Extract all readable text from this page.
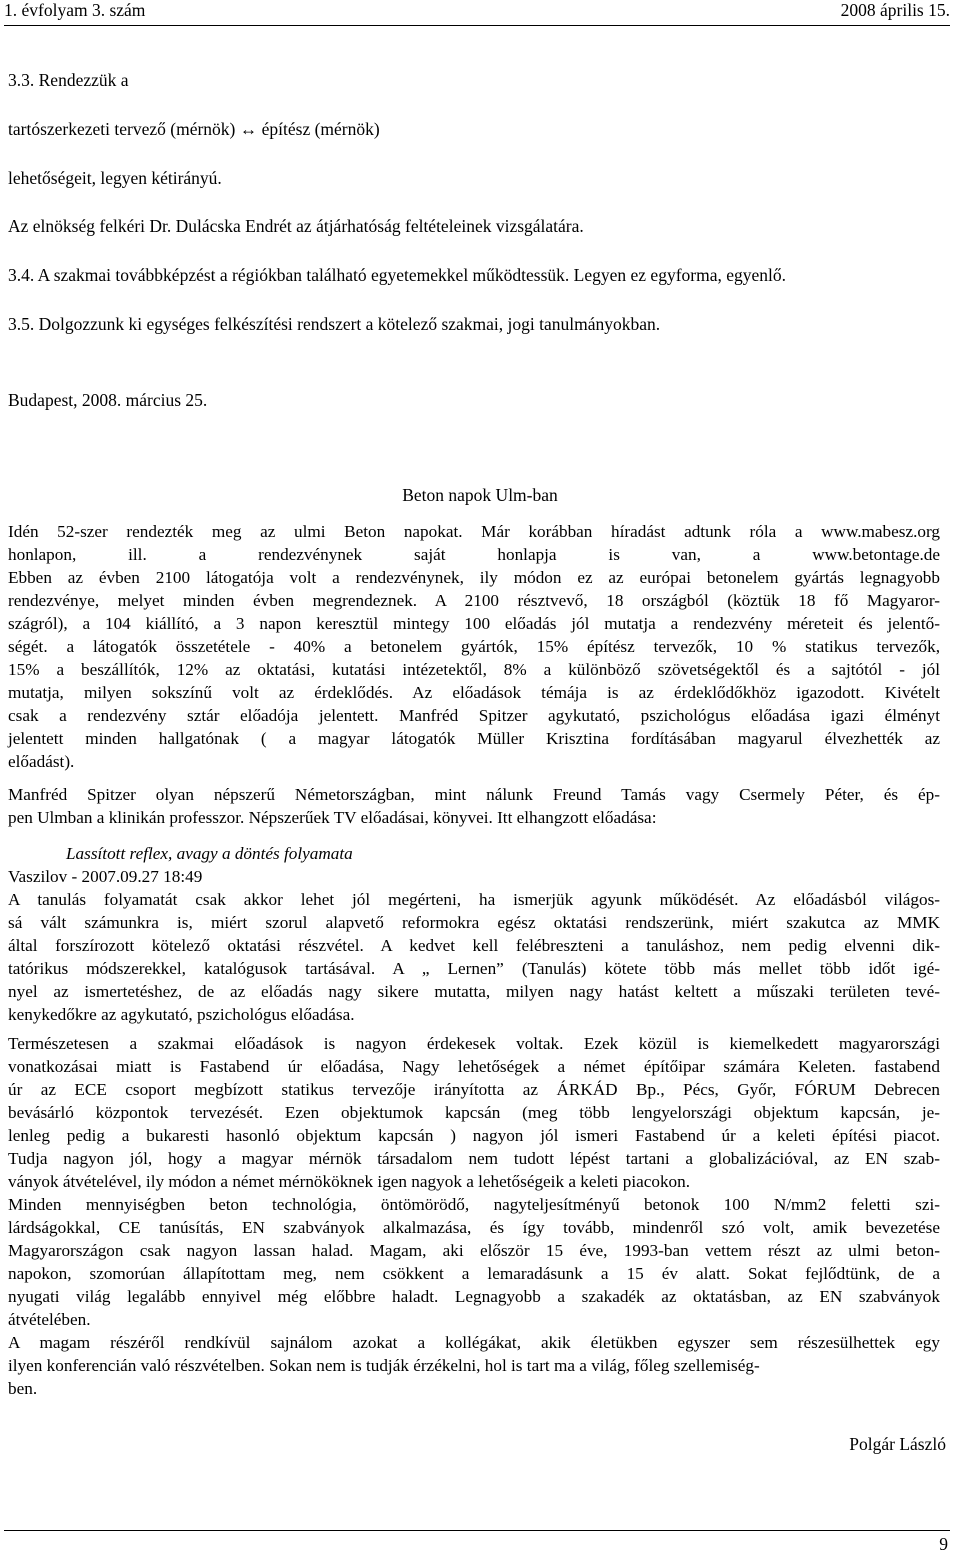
1. évfolyam 3. szám	2008 április 15.
3.3. Rendezzük a
tartószerkezeti tervező (mérnök) ↔ építész (mérnök)
lehetőségeit, legyen kétirányú.
Az elnökség felkéri Dr. Dulácska Endrét az átjárhatóság feltételeinek vizsgálatára.
3.4. A szakmai továbbképzést a régiókban található egyetemekkel működtessük. Legyen ez egyforma, egyenlő.
3.5. Dolgozzunk ki egységes felkészítési rendszert a kötelező szakmai, jogi tanulmányokban.
Budapest, 2008. március 25.
Beton napok Ulm-ban
Idén 52-szer rendezték meg az ulmi Beton napokat. Már korábban híradást adtunk róla a www.mabesz.org
honlapon, ill. a rendezvénynek saját honlapja is van, a www.betontage.de
Ebben az évben 2100 látogatója volt a rendezvénynek, ily módon ez az európai betonelem gyártás legnagyobb
rendezvénye, melyet minden évben megrendeznek. A 2100 résztvevő, 18 országból (köztük 18 fő Magyaror-
szágról), a 104 kiállító, a 3 napon keresztül mintegy 100 előadás jól mutatja a rendezvény méreteit és jelentő-
ségét. a látogatók összetétele - 40% a betonelem gyártók, 15% építész tervezők, 10 % statikus tervezők,
15% a beszállítók, 12% az oktatási, kutatási intézetektől, 8% a különböző szövetségektől és a sajtótól - jól
mutatja, milyen sokszínű volt az érdeklődés. Az előadások témája is az érdeklődőkhöz igazodott. Kivételt
csak a rendezvény sztár előadója jelentett. Manfréd Spitzer agykutató, pszichológus előadása igazi élményt
jelentett minden hallgatónak ( a magyar látogatók Müller Krisztina fordításában magyarul élvezhették az
előadást).
Manfréd Spitzer olyan népszerű Németországban, mint nálunk Freund Tamás vagy Csermely Péter, és ép-
pen Ulmban a klinikán professzor. Népszerűek TV előadásai, könyvei. Itt elhangzott előadása:
Lassított reflex, avagy a döntés folyamata
Vaszilov - 2007.09.27 18:49
A tanulás folyamatát csak akkor lehet jól megérteni, ha ismerjük agyunk működését. Az előadásból világos-
sá vált számunkra is, miért szorul alapvető reformokra egész oktatási rendszerünk, miért szakutca az MMK
által forszírozott kötelező oktatási részvétel. A kedvet kell felébreszteni a tanuláshoz, nem pedig elvenni dik-
tatórikus módszerekkel, katalógusok tartásával. A „ Lernen” (Tanulás) kötete több más mellet több időt igé-
nyel az ismertetéshez, de az előadás nagy sikere mutatta, milyen nagy hatást keltett a műszaki területen tevé-
kenykedőkre az agykutató, pszichológus előadása.
Természetesen a szakmai előadások is nagyon érdekesek voltak. Ezek közül is kiemelkedett magyarországi
vonatkozásai miatt is Fastabend úr előadása, Nagy lehetőségek a német építőipar számára Keleten. fastabend
úr az ECE csoport megbízott statikus tervezője irányította az ÁRKÁD Bp., Pécs, Győr, FÓRUM Debrecen
bevásárló központok tervezését. Ezen objektumok kapcsán (meg több lengyelországi objektum kapcsán, je-
lenleg pedig a bukaresti hasonló objektum kapcsán ) nagyon jól ismeri Fastabend úr a keleti építési piacot.
Tudja nagyon jól, hogy a magyar mérnök társadalom nem tudott lépést tartani a globalizációval, az EN szab-
ványok átvételével, ily módon a német mérnököknek igen nagyok a lehetőségeik a keleti piacokon.
Minden mennyiségben beton technológia, öntömörödő, nagyteljesítményű betonok 100 N/mm2 feletti szi-
lárdságokkal, CE tanúsítás, EN szabványok alkalmazása, és így tovább, mindenről szó volt, amik bevezetése
Magyarországon csak nagyon lassan halad. Magam, aki először 15 éve, 1993-ban vettem részt az ulmi beton-
napokon, szomorúan állapítottam meg, nem csökkent a lemaradásunk a 15 év alatt. Sokat fejlődtünk, de a
nyugati világ legalább ennyivel még előbbre haladt. Legnagyobb a szakadék az oktatásban, az EN szabványok
átvételében.
A magam részéről rendkívül sajnálom azokat a kollégákat, akik életükben egyszer sem részesülhettek egy
ilyen konferencián való részvételben. Sokan nem is tudják érzékelni, hol is tart ma a világ, főleg szellemiség-
ben.
Polgár László
9
